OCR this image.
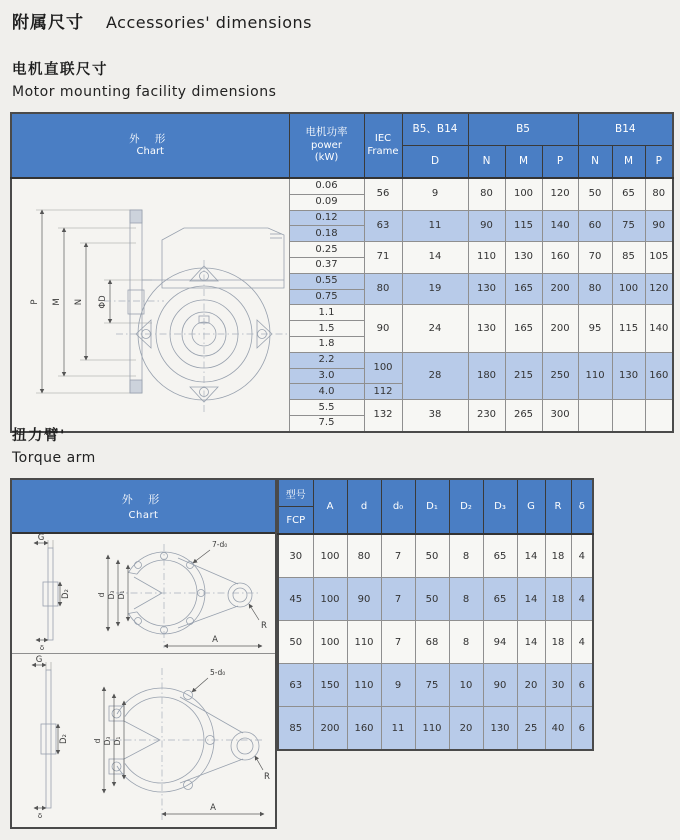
附属尺寸 Accessories' dimensions
电机直联尺寸
Motor mounting facility dimensions
外 形
Chart

电机功率
power
(kW)

IEC
Frame
	B5、B14	B5	B14
			D	N	M	P	N	M	P

P M N ΦD	0.06	56	9	80	100	120	50	65	80
	0.09								
	0.12	63	11	90	115	140	60	75	90
	0.18								
	0.25	71	14	110	130	160	70	85	105
	0.37								
	0.55	80	19	130	165	200	80	100	120
	0.75								
	1.1	90	24	130	165	200	95	115	140
	1.5								
	1.8								
	2.2	100	28	180	215	250	110	130	160
	3.0								
	4.0	112							
	5.5	132	38	230	265	300			
	7.5								
扭力臂'
Torque arm
外 形
Chart
G
D₂
δ
7-d₀
d D₃ D₁
A
R
G
D₂
δ
5-d₀
d D₃ D₁
A
R
型号	A	d	d₀	D₁	D₂	D₃	G	R	δ
FCP									
30	100	80	7	50	8	65	14	18	4
45	100	90	7	50	8	65	14	18	4
50	100	110	7	68	8	94	14	18	4
63	150	110	9	75	10	90	20	30	6
85	200	160	11	110	20	130	25	40	6
